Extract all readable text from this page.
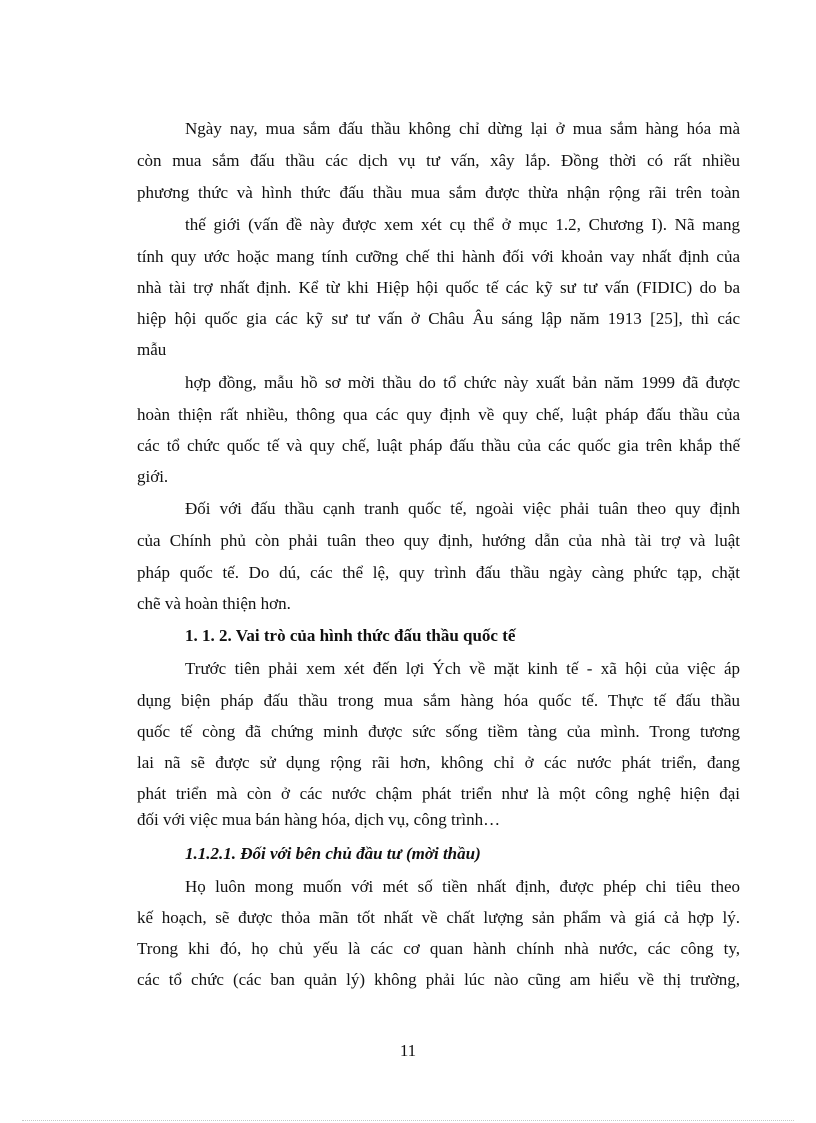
Ngày nay, mua sắm đấu thầu không chỉ dừng lại ở mua sắm hàng hóa mà
còn mua sắm đấu thầu các dịch vụ tư vấn, xây lắp. Đồng thời có rất nhiều
phương thức và hình thức đấu thầu mua sắm được thừa nhận rộng rãi trên toàn
thế giới (vấn đề này được xem xét cụ thể ở mục 1.2, Chương I). Nã mang
tính quy ước hoặc mang tính cưỡng chế thi hành đối với khoản vay nhất định của
nhà tài trợ nhất định. Kể từ khi Hiệp hội quốc tế các kỹ sư tư vấn (FIDIC) do ba
hiệp hội quốc gia các kỹ sư tư vấn ở Châu Âu sáng lập năm 1913 [25], thì các
mẫu
hợp đồng, mẫu hồ sơ mời thầu do tổ chức này xuất bản năm 1999 đã được
hoàn thiện rất nhiều, thông qua các quy định về quy chế, luật pháp đấu thầu của
các tổ chức quốc tế và quy chế, luật pháp đấu thầu của các quốc gia trên khắp thế
giới.
Đối với đấu thầu cạnh tranh quốc tế, ngoài việc phải tuân theo quy định
của Chính phủ còn phải tuân theo quy định, hướng dẫn của nhà tài trợ và luật
pháp quốc tế. Do dú, các thể lệ, quy trình đấu thầu ngày càng phức tạp, chặt
chẽ và hoàn thiện hơn.
1. 1. 2. Vai trò của hình thức đấu thầu quốc tế
Trước tiên phải xem xét đến lợi Ých về mặt kinh tế - xã hội của việc áp
dụng biện pháp đấu thầu trong mua sắm hàng hóa quốc tế. Thực tế đấu thầu
quốc tế còng đã chứng minh được sức sống tiềm tàng của mình. Trong tương
lai nã sẽ được sử dụng rộng rãi hơn, không chỉ ở các nước phát triển, đang
phát triển mà còn ở các nước chậm phát triển như là một công nghệ hiện đại
đối với việc mua bán hàng hóa, dịch vụ, công trình…
1.1.2.1. Đối với bên chủ đầu tư (mời thầu)
Họ luôn mong muốn với mét số tiền nhất định, được phép chi tiêu theo
kế hoạch, sẽ được thỏa mãn tốt nhất về chất lượng sản phẩm và giá cả hợp lý.
Trong khi đó, họ chủ yếu là các cơ quan hành chính nhà nước, các công ty,
các tổ chức (các ban quản lý) không phải lúc nào cũng am hiểu về thị trường,
11
